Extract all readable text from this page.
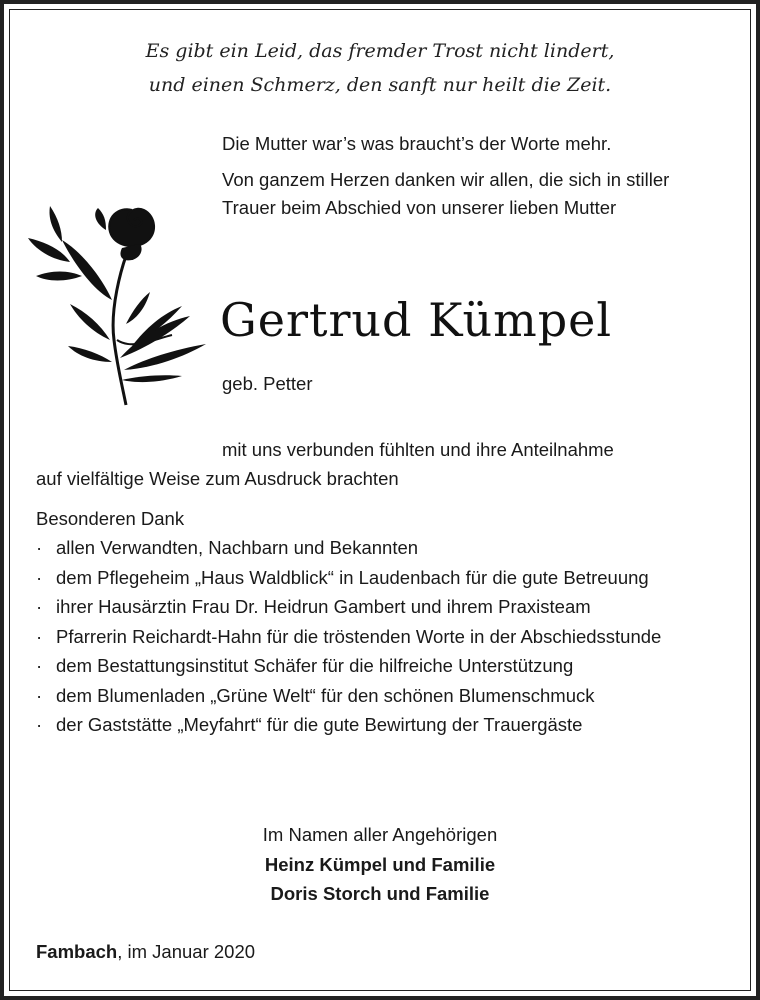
Es gibt ein Leid, das fremder Trost nicht lindert,
und einen Schmerz, den sanft nur heilt die Zeit.

Die Mutter war’s was braucht’s der Worte mehr.

Von ganzem Herzen danken wir allen, die sich in stiller Trauer beim Abschied von unserer lieben Mutter

Gertrud Kümpel
geb. Petter
mit uns verbunden fühlten und ihre Anteilnahme
auf vielfältige Weise zum Ausdruck brachten
Besonderen Dank
· allen Verwandten, Nachbarn und Bekannten
· dem Pflegeheim „Haus Waldblick“ in Laudenbach für die gute Betreuung
· ihrer Hausärztin Frau Dr. Heidrun Gambert und ihrem Praxisteam
· Pfarrerin Reichardt-Hahn für die tröstenden Worte in der Abschiedsstunde
· dem Bestattungsinstitut Schäfer für die hilfreiche Unterstützung
· dem Blumenladen „Grüne Welt“ für den schönen Blumenschmuck
· der Gaststätte „Meyfahrt“ für die gute Bewirtung der Trauergäste
Im Namen aller Angehörigen
Heinz Kümpel und Familie
Doris Storch und Familie
Fambach, im Januar 2020
